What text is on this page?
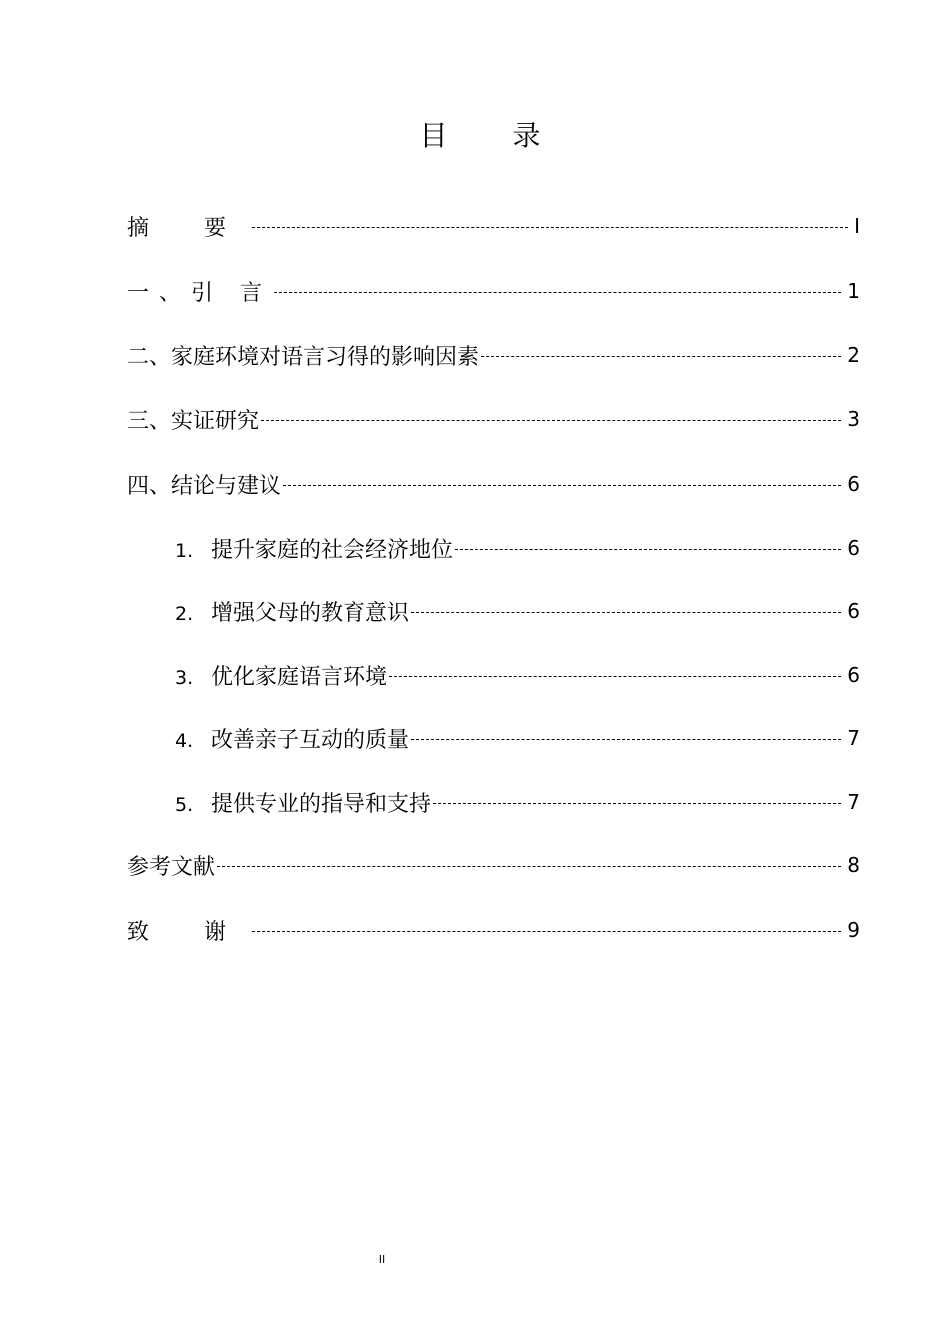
目 录
摘 要	I
一、引 言	1
二、家庭环境对语言习得的影响因素	2
三、实证研究	3
四、结论与建议	6
1. 提升家庭的社会经济地位	6
2. 增强父母的教育意识	6
3. 优化家庭语言环境	6
4. 改善亲子互动的质量	7
5. 提供专业的指导和支持	7
参考文献	8
致 谢	9
II
